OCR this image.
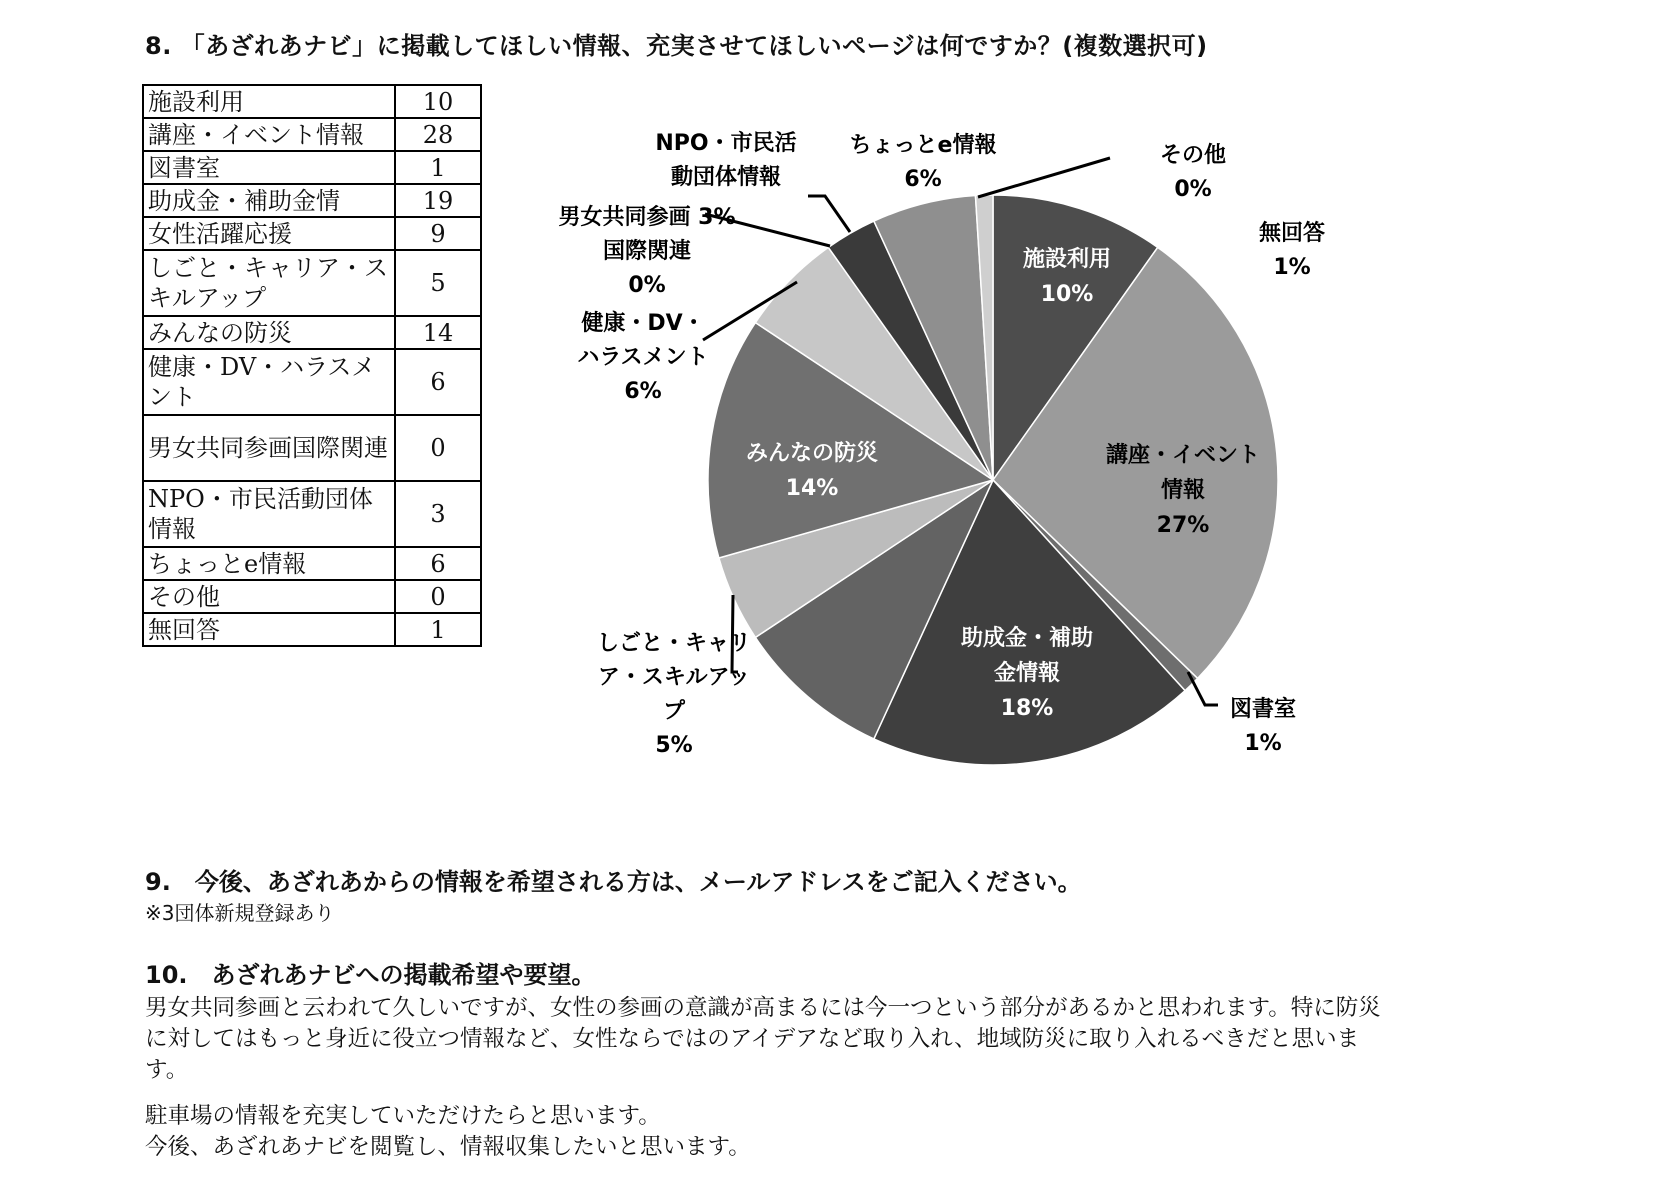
8. 「あざれあナビ」に掲載してほしい情報、充実させてほしいページは何ですか？(複数選択可)
施設利用	10
講座・イベント情報	28
図書室	1
助成金・補助金情	19
女性活躍応援	9
しごと・キャリア・スキルアップ	5
みんなの防災	14
健康・DV・ハラスメント	6
男女共同参画国際関連	0
NPO・市民活動団体情報	3
ちょっとe情報	6
その他	0
無回答	1
施設利用 10%
講座・イベント情報 27%
助成金・補助金情報 18%
みんなの防災 14%
NPO・市民活動団体情報
ちょっとe情報 6%
その他 0%
無回答 1%
男女共同参画 3%国際関連 0%
健康・DV・ハラスメント 6%
しごと・キャリア・スキルアップ 5%
図書室 1%
9.　今後、あざれあからの情報を希望される方は、メールアドレスをご記入ください。
※3団体新規登録あり
10.　あざれあナビへの掲載希望や要望。

男女共同参画と云われて久しいですが、女性の参画の意識が高まるには今一つという部分があるかと思われます。特に防災に対してはもっと身近に役立つ情報など、女性ならではのアイデアなど取り入れ、地域防災に取り入れるべきだと思います。

駐車場の情報を充実していただけたらと思います。
今後、あざれあナビを閲覧し、情報収集したいと思います。
